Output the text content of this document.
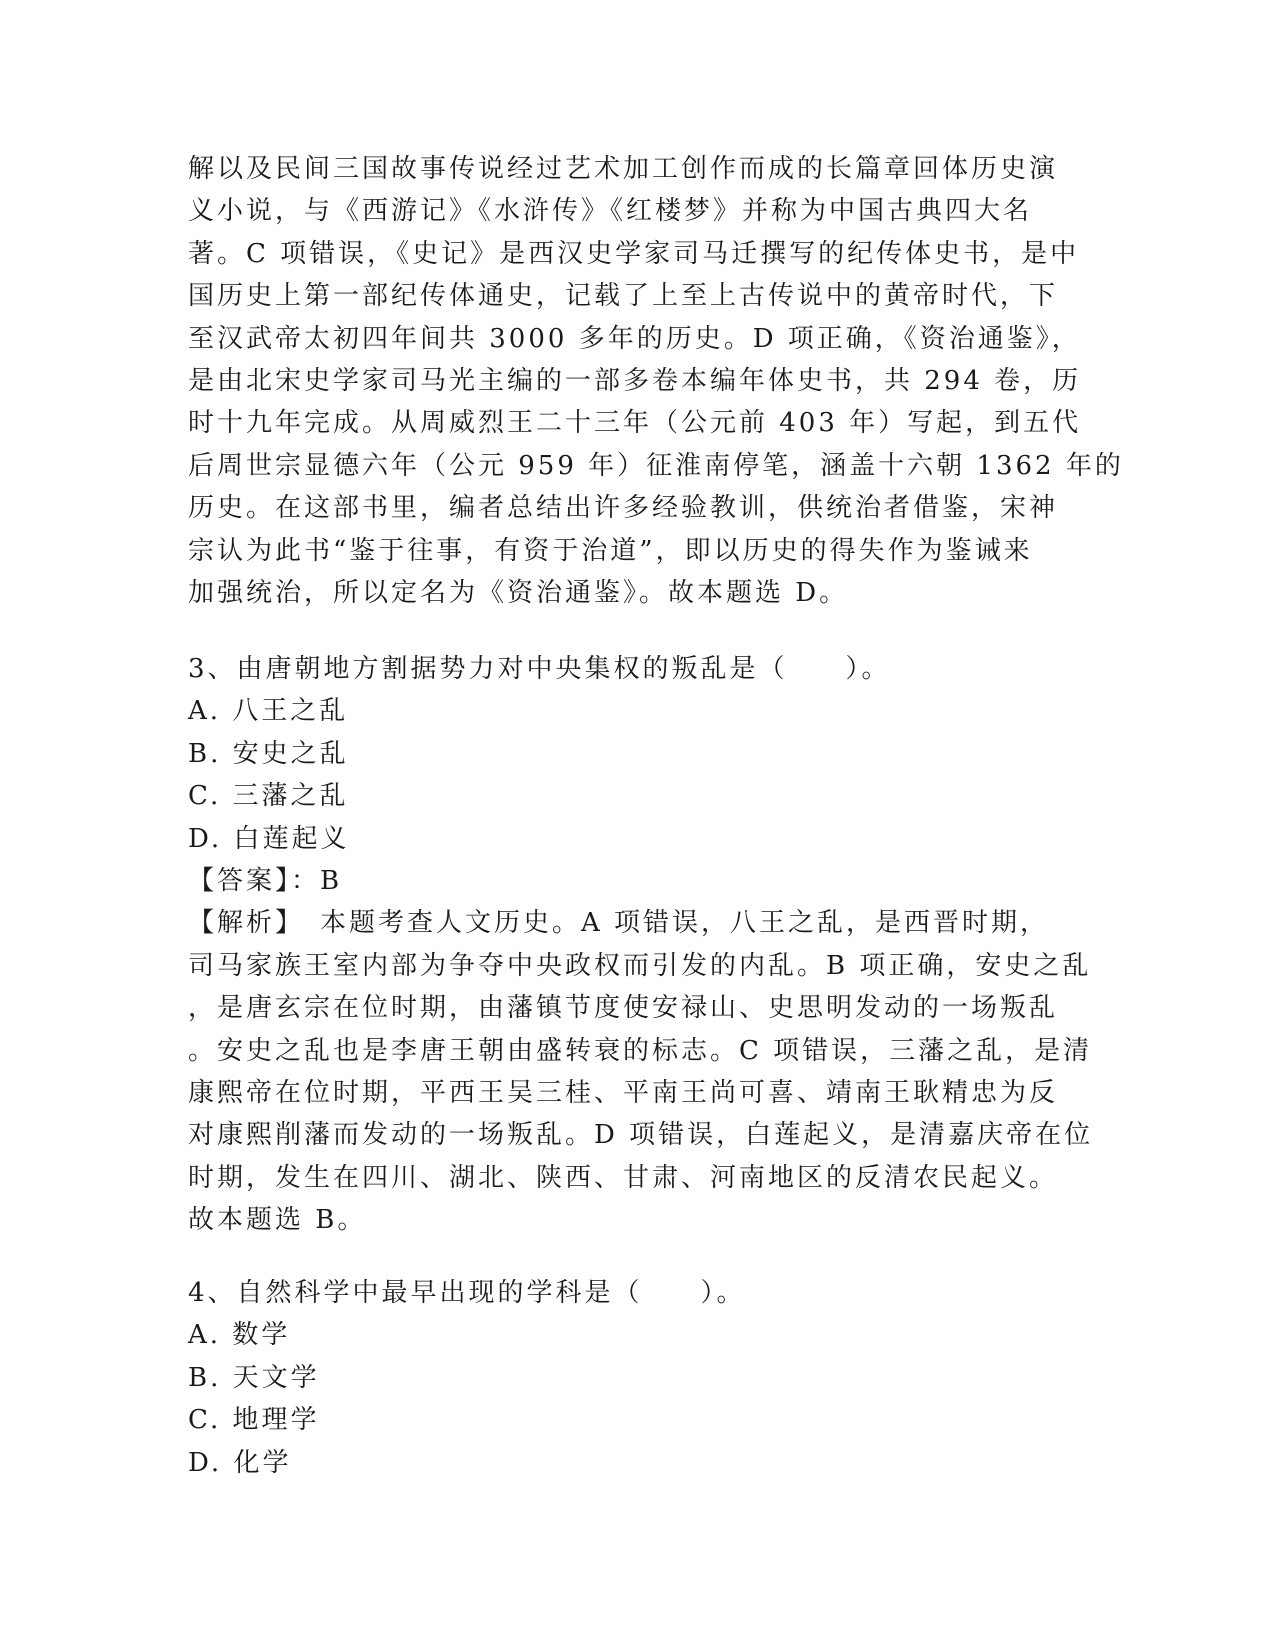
解以及民间三国故事传说经过艺术加工创作而成的长篇章回体历史演

义小说，与《西游记》《水浒传》《红楼梦》并称为中国古典四大名

著。C 项错误，《史记》是西汉史学家司马迁撰写的纪传体史书，是中

国历史上第一部纪传体通史，记载了上至上古传说中的黄帝时代，下

至汉武帝太初四年间共 3000 多年的历史。D 项正确，《资治通鉴》，

是由北宋史学家司马光主编的一部多卷本编年体史书，共 294 卷，历

时十九年完成。从周威烈王二十三年（公元前 403 年）写起，到五代

后周世宗显德六年（公元 959 年）征淮南停笔，涵盖十六朝 1362 年的

历史。在这部书里，编者总结出许多经验教训，供统治者借鉴，宋神

宗认为此书“鉴于往事，有资于治道”，即以历史的得失作为鉴诫来

加强统治，所以定名为《资治通鉴》。故本题选 D。

3、由唐朝地方割据势力对中央集权的叛乱是（　　）。

A. 八王之乱

B. 安史之乱

C. 三藩之乱

D. 白莲起义

【答案】：B

【解析】　本题考查人文历史。A 项错误，八王之乱，是西晋时期，

司马家族王室内部为争夺中央政权而引发的内乱。B 项正确，安史之乱

，是唐玄宗在位时期，由藩镇节度使安禄山、史思明发动的一场叛乱

。安史之乱也是李唐王朝由盛转衰的标志。C 项错误，三藩之乱，是清

康熙帝在位时期，平西王吴三桂、平南王尚可喜、靖南王耿精忠为反

对康熙削藩而发动的一场叛乱。D 项错误，白莲起义，是清嘉庆帝在位

时期，发生在四川、湖北、陕西、甘肃、河南地区的反清农民起义。

故本题选 B。

4、自然科学中最早出现的学科是（　　）。

A. 数学

B. 天文学

C. 地理学

D. 化学
